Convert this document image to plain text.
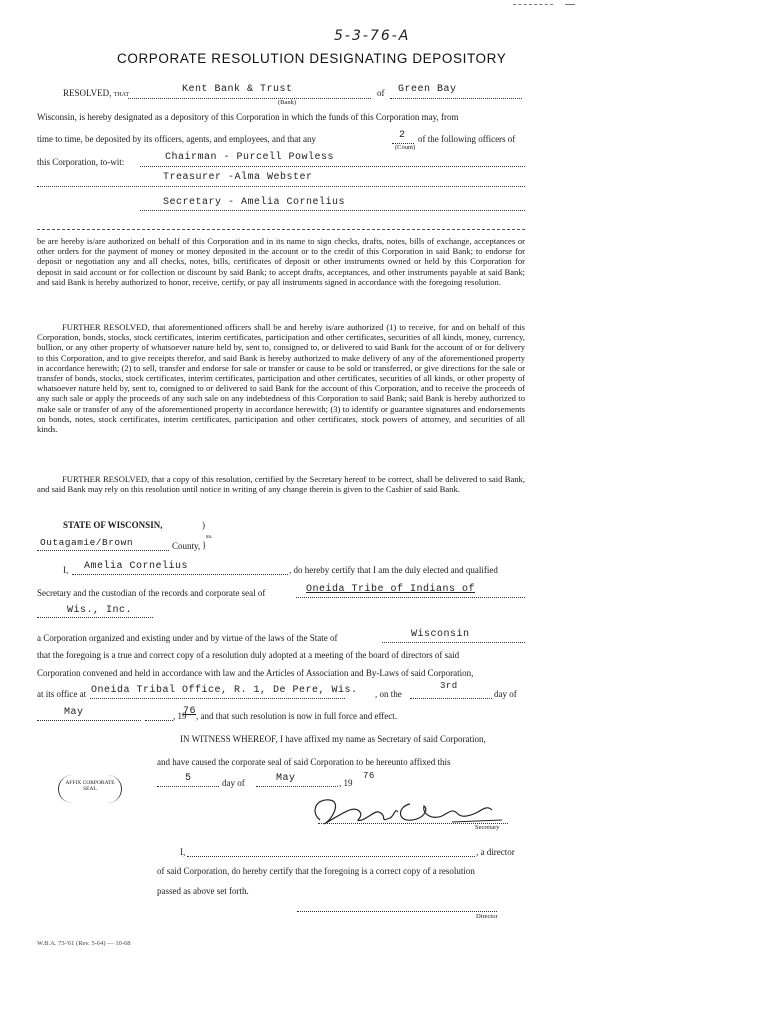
5-3-76-A
CORPORATE RESOLUTION DESIGNATING DEPOSITORY
RESOLVED, that	Kent Bank & Trust
(Bank)
of Green Bay
Wisconsin, is hereby designated as a depository of this Corporation in which the funds of this Corporation may, from
time to time, be deposited by its officers, agents, and employees, and that any	2
(Count)
of the following officers of
this Corporation, to-wit:	Chairman - Purcell Powless
Treasurer -Alma Webster
Secretary - Amelia Cornelius
be are hereby is/are authorized on behalf of this Corporation and in its name to sign checks, drafts, notes, bills of exchange, acceptances or other orders for the payment of money or money deposited in the account or to the credit of this Corporation in said Bank; to endorse for deposit or negotiation any and all checks, notes, bills, certificates of deposit or other instruments owned or held by this Corporation for deposit in said account or for collection or discount by said Bank; to accept drafts, acceptances, and other instruments payable at said Bank; and said Bank is hereby authorized to honor, receive, certify, or pay all instruments signed in accordance with the foregoing resolution.
FURTHER RESOLVED, that aforementioned officers shall be and hereby is/are authorized (1) to receive, for and on behalf of this Corporation, bonds, stocks, stock certificates, interim certificates, participation and other certificates, securities of all kinds, money, currency, bullion, or any other property of whatsoever nature held by, sent to, consigned to, or delivered to said Bank for the account of or for delivery to this Corporation, and to give receipts therefor, and said Bank is hereby authorized to make delivery of any of the aforementioned property in accordance herewith; (2) to sell, transfer and endorse for sale or transfer or cause to be sold or transferred, or give directions for the sale or transfer of bonds, stocks, stock certificates, interim certificates, participation and other certificates, securities of all kinds, or other property of whatsoever nature held by, sent to, consigned to or delivered to said Bank for the account of this Corporation, and to receive the proceeds of any such sale or apply the proceeds of any such sale on any indebtedness of this Corporation to said Bank; said Bank is hereby authorized to make sale or transfer of any of the aforementioned property in accordance herewith; (3) to identify or guarantee signatures and endorsements on bonds, notes, stock certificates, interim certificates, participation and other certificates, stock powers of attorney, and securities of all kinds.
FURTHER RESOLVED, that a copy of this resolution, certified by the Secretary hereof to be correct, shall be delivered to said Bank, and said Bank may rely on this resolution until notice in writing of any change therein is given to the Cashier of said Bank.
STATE OF WISCONSIN,	)
ss.
}
Outagamie/Brown	County,
I, Amelia Cornelius	, do hereby certify that I am the duly elected and qualified
Secretary and the custodian of the records and corporate seal of	Oneida Tribe of Indians of
Wis., Inc.
a Corporation organized and existing under and by virtue of the laws of the State of	Wisconsin
that the foregoing is a true and correct copy of a resolution duly adopted at a meeting of the board of directors of said
Corporation convened and held in accordance with law and the Articles of Association and By-Laws of said Corporation,
at its office at Oneida Tribal Office, R. 1, De Pere, Wis. , on the
3rd
day of
May	, 19
76 , and that such resolution is now in full force and effect.
IN WITNESS WHEREOF, I have affixed my name as Secretary of said Corporation,
and have caused the corporate seal of said Corporation to be hereunto affixed this
AFFIX CORPORATE SEAL
5	day of	May	, 19
76
Secretary
I,	, a director
of said Corporation, do hereby certify that the foregoing is a correct copy of a resolution
passed as above set forth.
Director
W.B.A. 73-'61 (Rev. 5-64) — 10-68
